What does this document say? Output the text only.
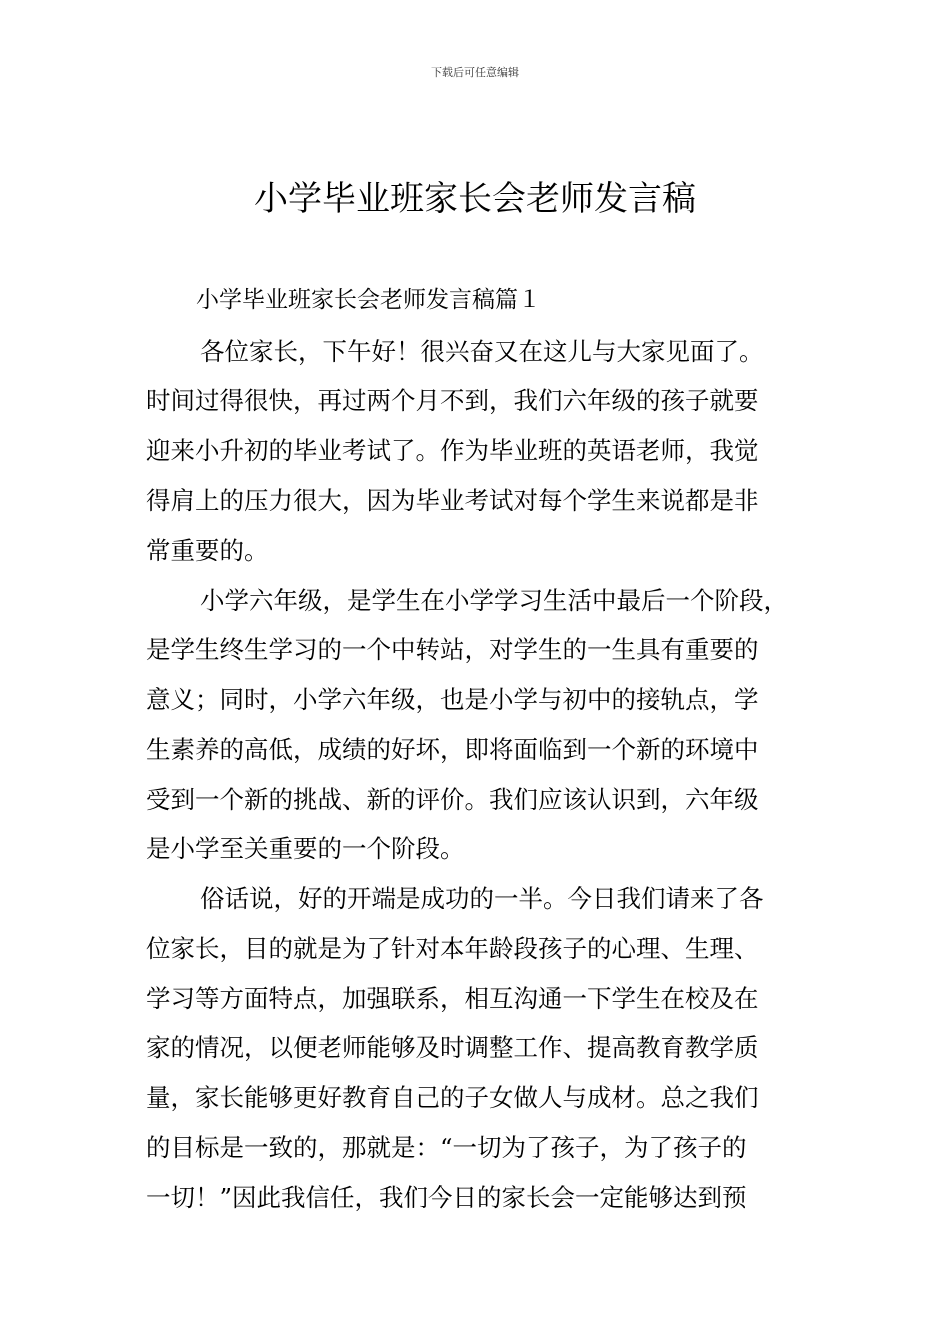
下载后可任意编辑
小学毕业班家长会老师发言稿
小学毕业班家长会老师发言稿篇１
各位家长，下午好！很兴奋又在这儿与大家见面了。
时间过得很快，再过两个月不到，我们六年级的孩子就要
迎来小升初的毕业考试了。作为毕业班的英语老师，我觉
得肩上的压力很大，因为毕业考试对每个学生来说都是非
常重要的。
小学六年级，是学生在小学学习生活中最后一个阶段，
是学生终生学习的一个中转站，对学生的一生具有重要的
意义；同时，小学六年级，也是小学与初中的接轨点，学
生素养的高低，成绩的好坏，即将面临到一个新的环境中
受到一个新的挑战、新的评价。我们应该认识到，六年级
是小学至关重要的一个阶段。
俗话说，好的开端是成功的一半。今日我们请来了各
位家长，目的就是为了针对本年龄段孩子的心理、生理、
学习等方面特点，加强联系，相互沟通一下学生在校及在
家的情况，以便老师能够及时调整工作、提高教育教学质
量，家长能够更好教育自己的子女做人与成材。总之我们
的目标是一致的，那就是：“一切为了孩子，为了孩子的
一切！”因此我信任，我们今日的家长会一定能够达到预
